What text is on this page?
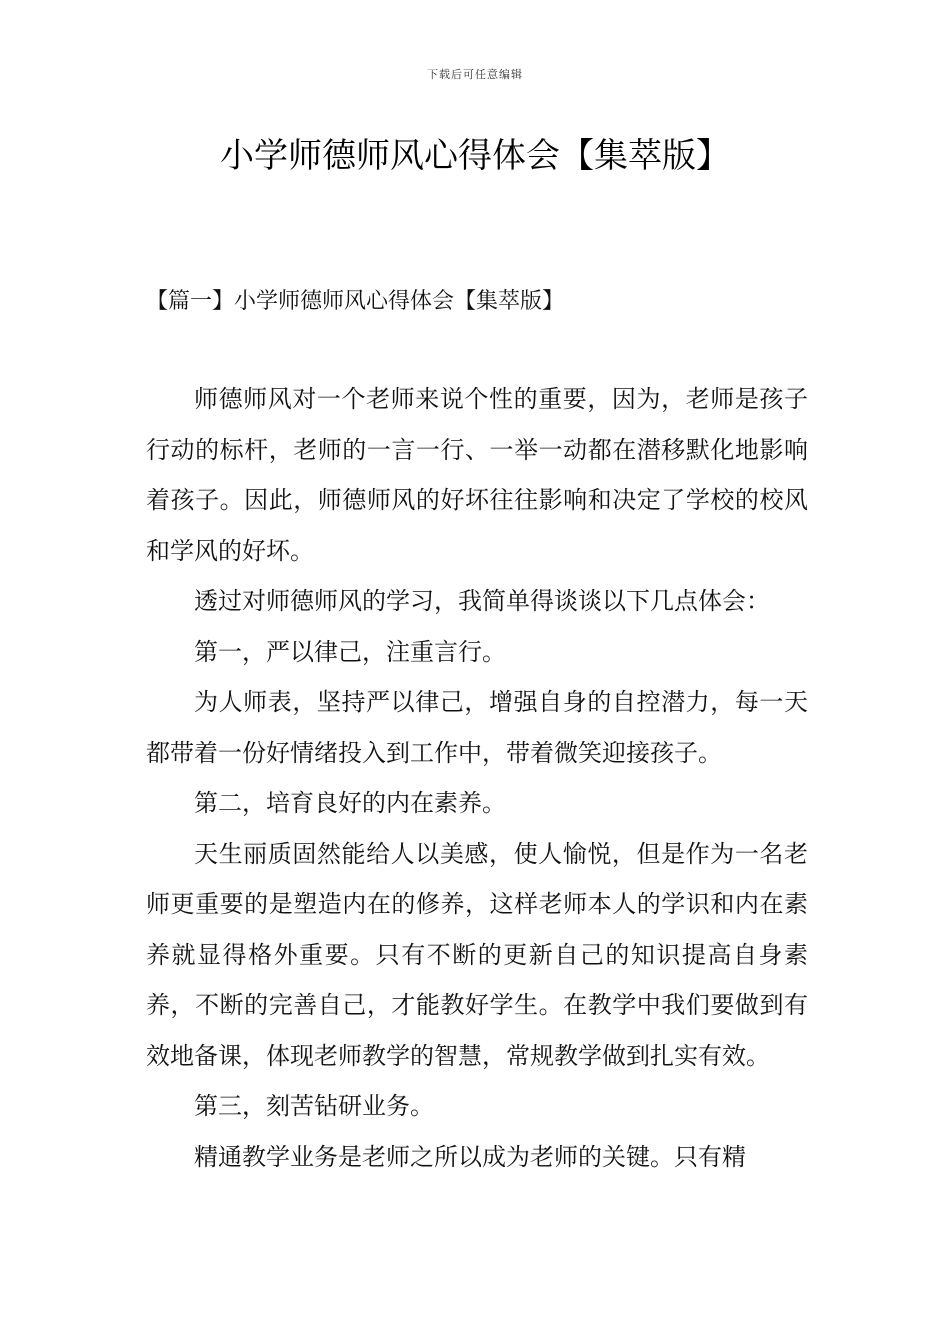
下载后可任意编辑
小学师德师风心得体会【集萃版】
【篇一】小学师德师风心得体会【集萃版】

师德师风对一个老师来说个性的重要，因为，老师是孩子行动的标杆，老师的一言一行、一举一动都在潜移默化地影响着孩子。因此，师德师风的好坏往往影响和决定了学校的校风和学风的好坏。

透过对师德师风的学习，我简单得谈谈以下几点体会：

第一，严以律己，注重言行。

为人师表，坚持严以律己，增强自身的自控潜力，每一天都带着一份好情绪投入到工作中，带着微笑迎接孩子。

第二，培育良好的内在素养。

天生丽质固然能给人以美感，使人愉悦，但是作为一名老师更重要的是塑造内在的修养，这样老师本人的学识和内在素养就显得格外重要。只有不断的更新自己的知识提高自身素养，不断的完善自己，才能教好学生。在教学中我们要做到有效地备课，体现老师教学的智慧，常规教学做到扎实有效。

第三，刻苦钻研业务。

精通教学业务是老师之所以成为老师的关键。只有精
